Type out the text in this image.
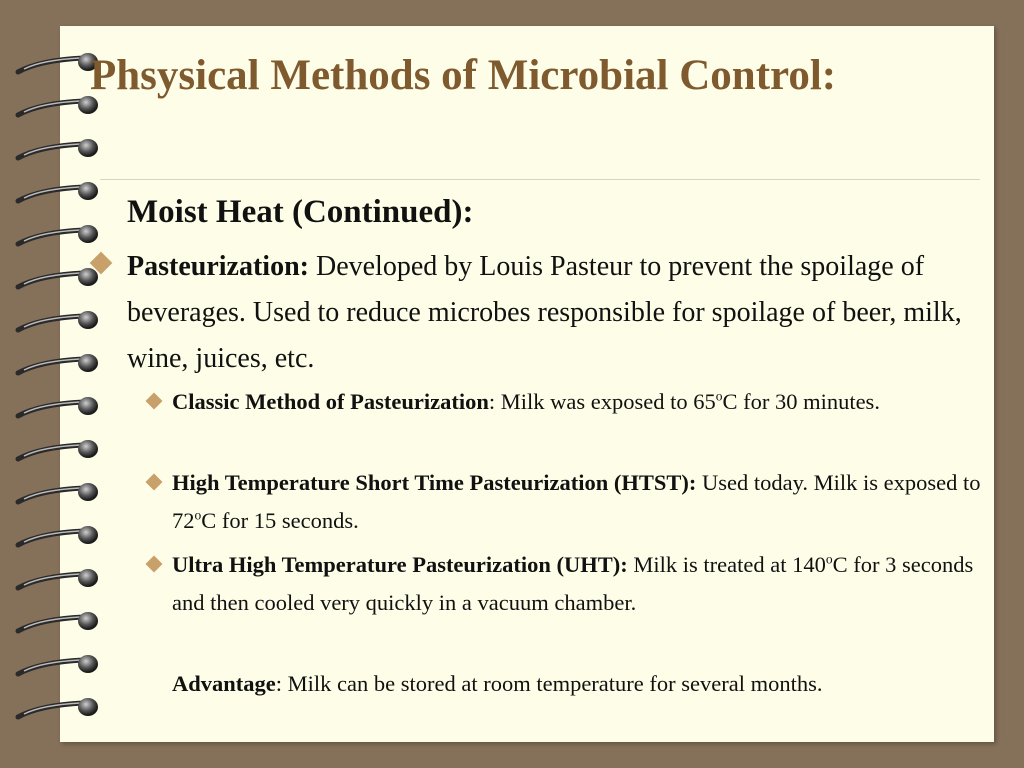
Phsysical Methods of Microbial Control:
Moist Heat (Continued):
Pasteurization: Developed by Louis Pasteur to prevent the spoilage of beverages. Used to reduce microbes responsible for spoilage of beer, milk, wine, juices, etc.
Classic Method of Pasteurization: Milk was exposed to 65$^o$C for 30 minutes.
High Temperature Short Time Pasteurization (HTST): Used today. Milk is exposed to 72$^o$C for 15 seconds.
Ultra High Temperature Pasteurization (UHT): Milk is treated at 140$^o$C for 3 seconds and then cooled very quickly in a vacuum chamber.
Advantage: Milk can be stored at room temperature for several months.
